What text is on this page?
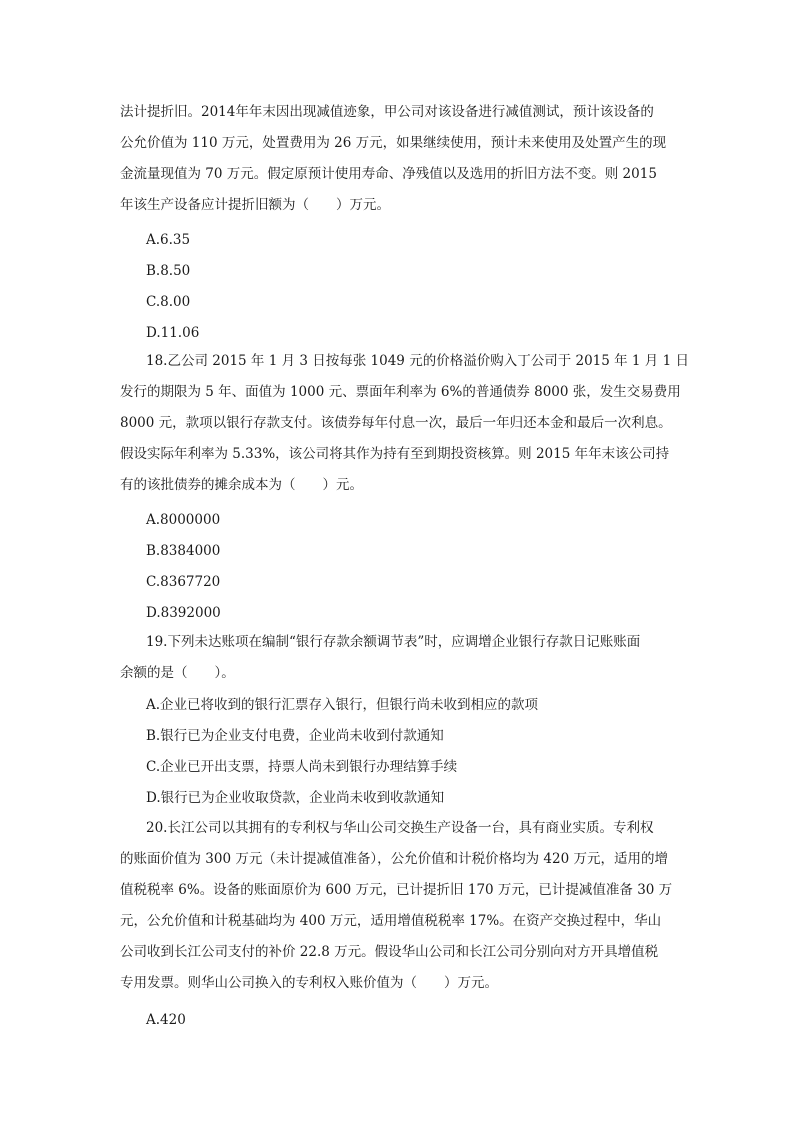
法计提折旧。2014年年末因出现减值迹象，甲公司对该设备进行减值测试，预计该设备的
公允价值为 110 万元，处置费用为 26 万元，如果继续使用，预计未来使用及处置产生的现
金流量现值为 70 万元。假定原预计使用寿命、净残值以及选用的折旧方法不变。则 2015
年该生产设备应计提折旧额为（　　）万元。
A.6.35
B.8.50
C.8.00
D.11.06
18.乙公司 2015 年 1 月 3 日按每张 1049 元的价格溢价购入丁公司于 2015 年 1 月 1 日
发行的期限为 5 年、面值为 1000 元、票面年利率为 6%的普通债券 8000 张，发生交易费用
8000 元，款项以银行存款支付。该债券每年付息一次，最后一年归还本金和最后一次利息。
假设实际年利率为 5.33%，该公司将其作为持有至到期投资核算。则 2015 年年末该公司持
有的该批债券的摊余成本为（　　）元。
A.8000000
B.8384000
C.8367720
D.8392000
19.下列未达账项在编制“银行存款余额调节表”时，应调增企业银行存款日记账账面
余额的是（　　）。
A.企业已将收到的银行汇票存入银行，但银行尚未收到相应的款项
B.银行已为企业支付电费，企业尚未收到付款通知
C.企业已开出支票，持票人尚未到银行办理结算手续
D.银行已为企业收取贷款，企业尚未收到收款通知
20.长江公司以其拥有的专利权与华山公司交换生产设备一台，具有商业实质。专利权
的账面价值为 300 万元（未计提减值准备），公允价值和计税价格均为 420 万元，适用的增
值税税率 6%。设备的账面原价为 600 万元，已计提折旧 170 万元，已计提减值准备 30 万
元，公允价值和计税基础均为 400 万元，适用增值税税率 17%。在资产交换过程中，华山
公司收到长江公司支付的补价 22.8 万元。假设华山公司和长江公司分别向对方开具增值税
专用发票。则华山公司换入的专利权入账价值为（　　）万元。
A.420
